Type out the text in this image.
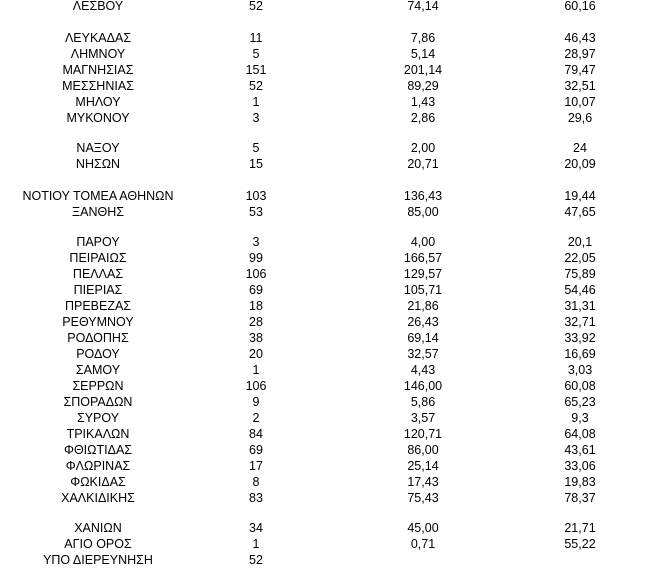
ΛΕΣΒΟΥ	52	74,14	60,16
ΛΕΥΚΑΔΑΣ	11	7,86	46,43
ΛΗΜΝΟΥ	5	5,14	28,97
ΜΑΓΝΗΣΙΑΣ	151	201,14	79,47
ΜΕΣΣΗΝΙΑΣ	52	89,29	32,51
ΜΗΛΟΥ	1	1,43	10,07
ΜΥΚΟΝΟΥ	3	2,86	29,6
ΝΑΞΟΥ	5	2,00	24
ΝΗΣΩΝ	15	20,71	20,09
ΝΟΤΙΟΥ ΤΟΜΕΑ ΑΘΗΝΩΝ	103	136,43	19,44
ΞΑΝΘΗΣ	53	85,00	47,65
ΠΑΡΟΥ	3	4,00	20,1
ΠΕΙΡΑΙΩΣ	99	166,57	22,05
ΠΕΛΛΑΣ	106	129,57	75,89
ΠΙΕΡΙΑΣ	69	105,71	54,46
ΠΡΕΒΕΖΑΣ	18	21,86	31,31
ΡΕΘΥΜΝΟΥ	28	26,43	32,71
ΡΟΔΟΠΗΣ	38	69,14	33,92
ΡΟΔΟΥ	20	32,57	16,69
ΣΑΜΟΥ	1	4,43	3,03
ΣΕΡΡΩΝ	106	146,00	60,08
ΣΠΟΡΑΔΩΝ	9	5,86	65,23
ΣΥΡΟΥ	2	3,57	9,3
ΤΡΙΚΑΛΩΝ	84	120,71	64,08
ΦΘΙΩΤΙΔΑΣ	69	86,00	43,61
ΦΛΩΡΙΝΑΣ	17	25,14	33,06
ΦΩΚΙΔΑΣ	8	17,43	19,83
ΧΑΛΚΙΔΙΚΗΣ	83	75,43	78,37
ΧΑΝΙΩΝ	34	45,00	21,71
ΑΓΙΟ ΟΡΟΣ	1	0,71	55,22
ΥΠΟ ΔΙΕΡΕΥΝΗΣΗ	52
